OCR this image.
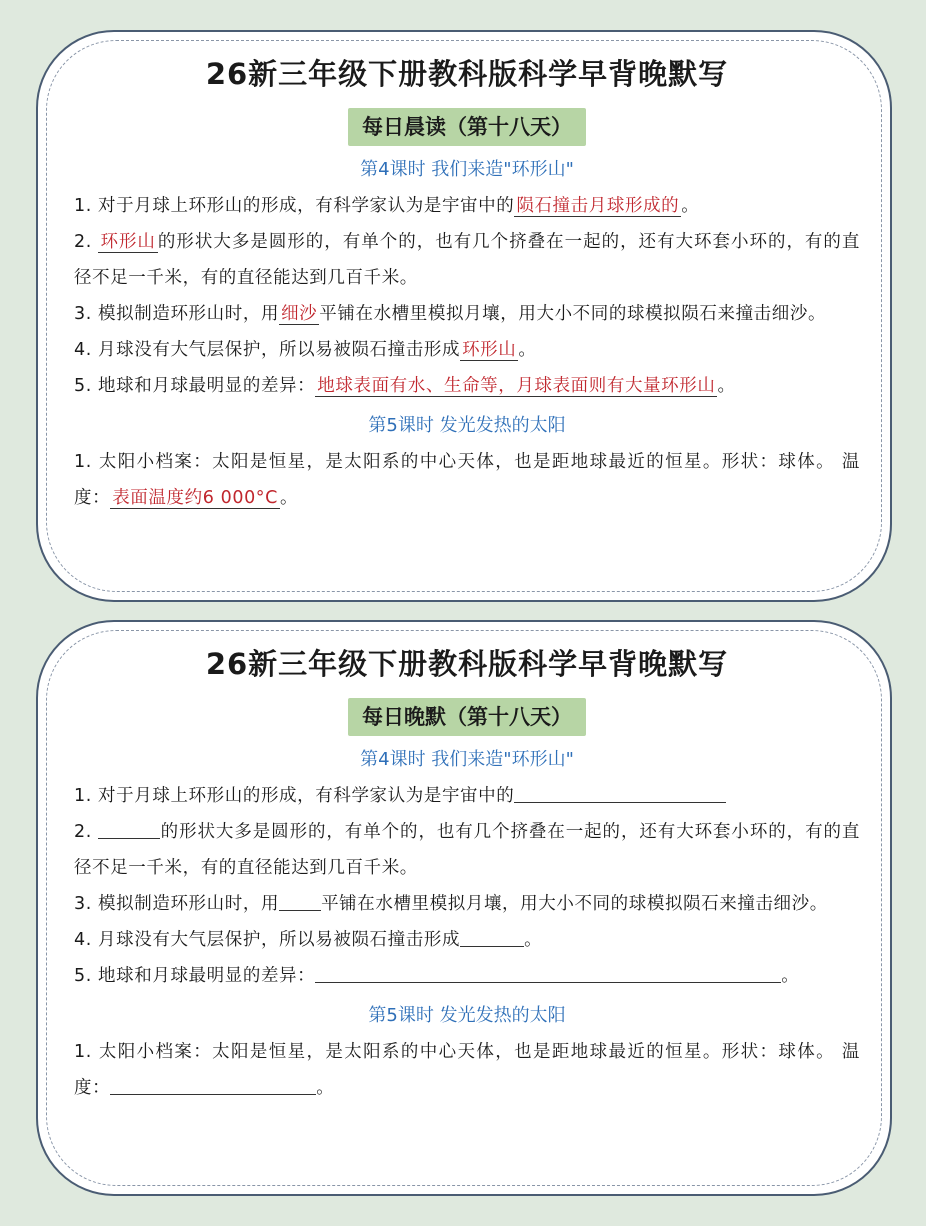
26新三年级下册教科版科学早背晚默写
每日晨读（第十八天）
第4课时 我们来造"环形山"

1. 对于月球上环形山的形成，有科学家认为是宇宙中的 陨石撞击月球形成的 。

2. 环形山 的形状大多是圆形的，有单个的，也有几个挤叠在一起的，还有大环套小环的，有的直径不足一千米，有的直径能达到几百千米。

3. 模拟制造环形山时，用 细沙 平铺在水槽里模拟月壤，用大小不同的球模拟陨石来撞击细沙。

4. 月球没有大气层保护，所以易被陨石撞击形成 环形山 。

5. 地球和月球最明显的差异： 地球表面有水、生命等，月球表面则有大量环形山 。

第5课时 发光发热的太阳

1. 太阳小档案：太阳是恒星，是太阳系的中心天体，也是距地球最近的恒星。形状：球体。 温度： 表面温度约6 000°C 。

26新三年级下册教科版科学早背晚默写
每日晚默（第十八天）
第4课时 我们来造"环形山"

1. 对于月球上环形山的形成，有科学家认为是宇宙中的

2.	的形状大多是圆形的，有单个的，也有几个挤叠在一起的，还有大环套小环的，有的直径不足一千米，有的直径能达到几百千米。

3. 模拟制造环形山时，用 平铺在水槽里模拟月壤，用大小不同的球模拟陨石来撞击细沙。

4. 月球没有大气层保护，所以易被陨石撞击形成	。

5. 地球和月球最明显的差异：	。

第5课时 发光发热的太阳

1. 太阳小档案：太阳是恒星，是太阳系的中心天体，也是距地球最近的恒星。形状：球体。 温度：	。
